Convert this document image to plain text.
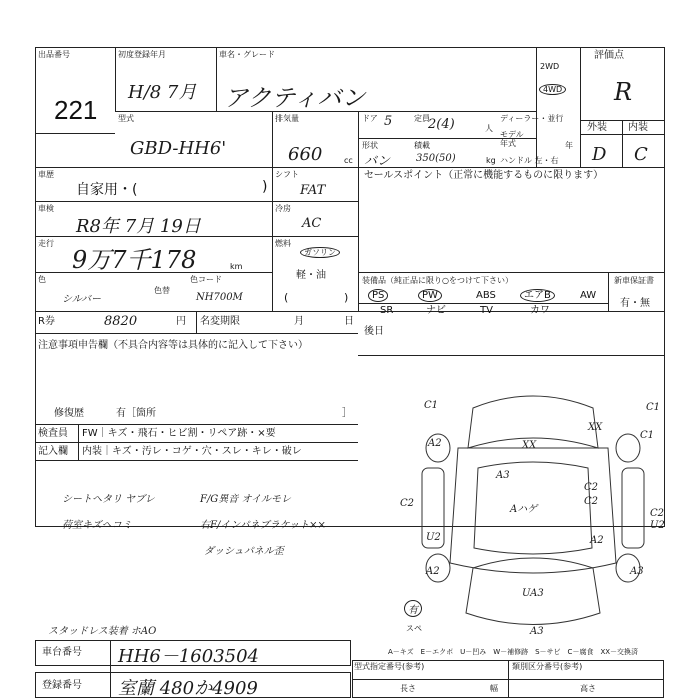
出品番号
221
初度登録年月
H/8 7月
車名・グレード
アクティバン
2WD
4WD
評価点
R
型式
GBD-HH6'
排気量
660	cc
ドア 5	定員
2(4)	人
ディーラー・並行
モデル年式	年
形状
バン
積載
350(50)	kg ハンドル 左・右
外装 内装
D C
車歴
自家用・(	)
シフト
FAT
セールスポイント（正常に機能するものに限ります）
車検
R8年 7月 19日
冷房
AC
走行
9万7千178	km
燃料
ガソリン
軽・油
色
シルバー
色替
色コード
NH700M	(	)
装備品（純正品に限り○をつけて下さい）	新車保証書
有・無
PS	PW	ABS	エアB	AW
SR	ナビ	TV	カワ
R券	8820	円 名変期限	月	日
後日
注意事項申告欄（不具合内容等は具体的に記入して下さい）
修復歴	有［箇所	］
検査員
記入欄
FW｜キズ・飛石・ヒビ割・リペア跡・×要
内装｜キズ・汚レ・コゲ・穴・スレ・キレ・破レ
シートヘタリ ヤブレ
荷室キズヘコミ
F/G異音 オイルモレ
右F/インパネブラケット××
ダッシュパネル歪
スタッドレス装着 ホAO
C1
XX
XX
C1
C2
C2
U2
A2
C2
A3
Aハゲ
C1
C2
A2
U2
A3
UA3
A2
A3
有
スペ
A－キズ　E－エクボ　U－凹み　W－補修跡　S－サビ　C－腐食　XX－交換済
車台番号 HH6－1603504
登録番号 室蘭 480か4909
型式指定番号(参考)	類別区分番号(参考)
長さ	幅	高さ
